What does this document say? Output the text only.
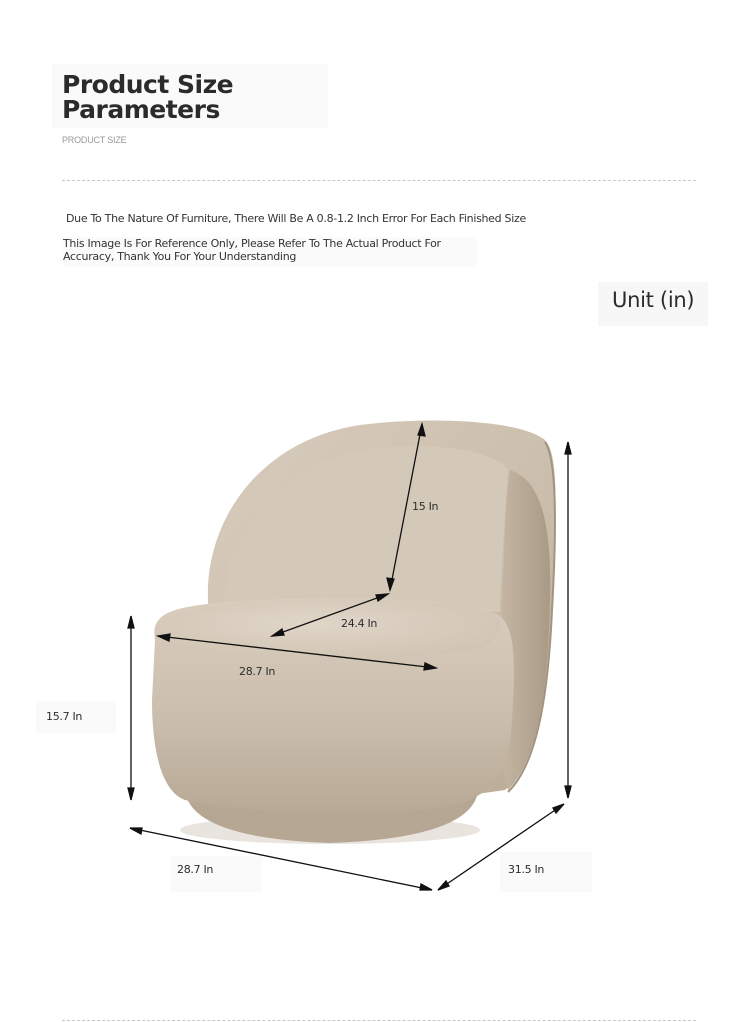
Product Size
Parameters
PRODUCT SIZE
Due To The Nature Of Furniture, There Will Be A 0.8-1.2 Inch Error For Each Finished Size
This Image Is For Reference Only, Please Refer To The Actual Product For Accuracy, Thank You For Your Understanding
Unit (in)
15 In
24.4 In
28.7 In
15.7 In
28.7 In	31.5 In
